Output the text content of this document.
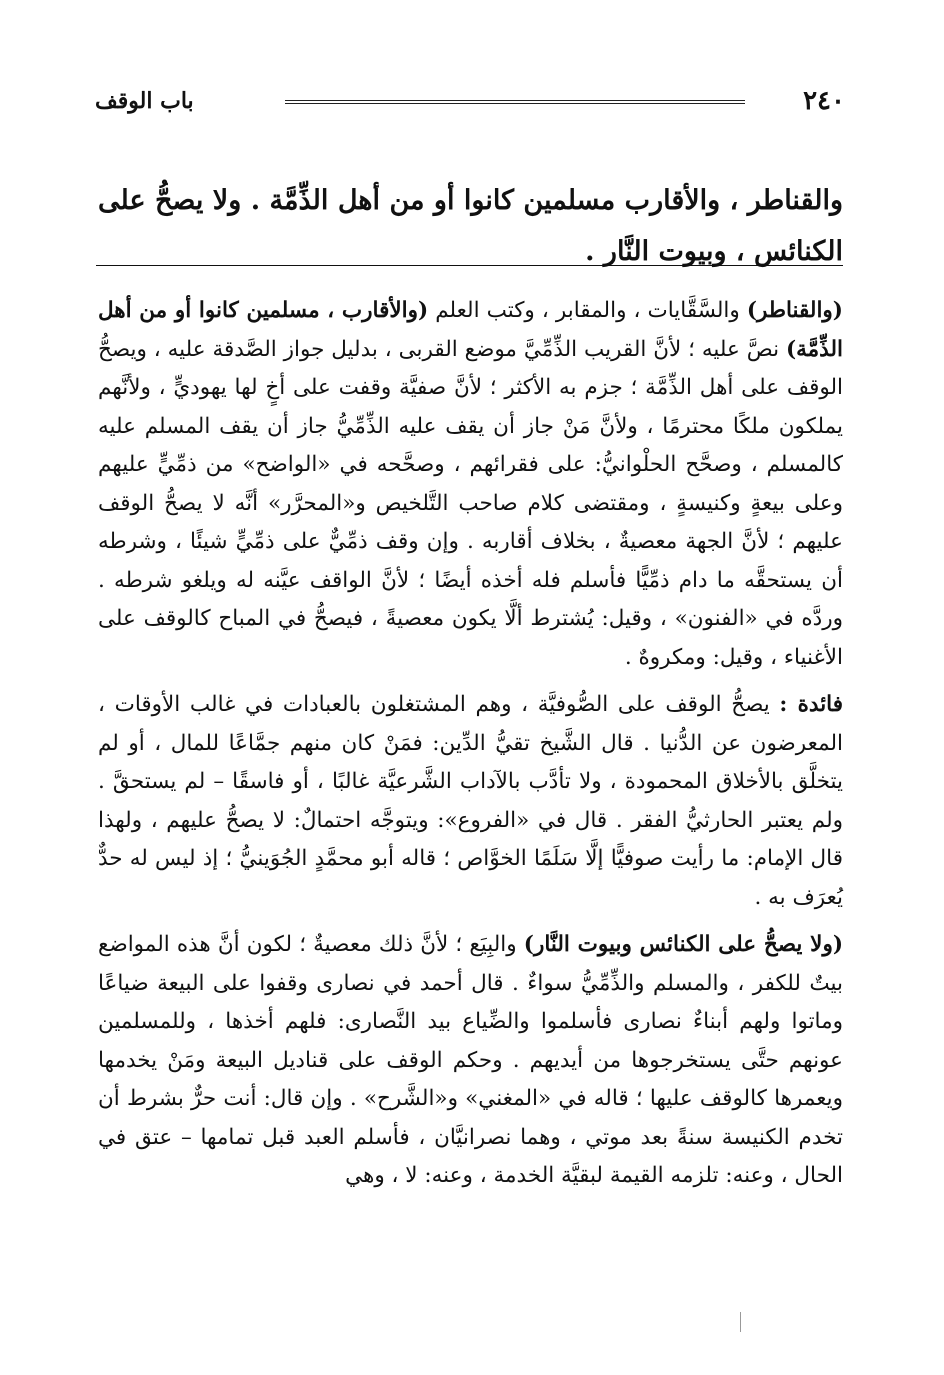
٢٤٠
باب الوقف
والقناطر ، والأقارب مسلمين كانوا أو من أهل الذِّمَّة . ولا يصحُّ على الكنائس ، وبيوت النَّار .

(والقناطر) والسَّقَّايات ، والمقابر ، وكتب العلم (والأقارب ، مسلمين كانوا أو من أهل الذِّمَّة) نصَّ عليه ؛ لأنَّ القريب الذِّمِّيَّ موضع القربى ، بدليل جواز الصَّدقة عليه ، ويصحُّ الوقف على أهل الذِّمَّة ؛ جزم به الأكثر ؛ لأنَّ صفيَّة وقفت على أخٍ لها يهوديٍّ ، ولأنَّهم يملكون ملكًا محترمًا ، ولأنَّ مَنْ جاز أن يقف عليه الذِّمِّيُّ جاز أن يقف المسلم عليه كالمسلم ، وصحَّح الحلْوانيُّ: على فقرائهم ، وصحَّحه في «الواضح» من ذمِّيٍّ عليهم وعلى بيعةٍ وكنيسةٍ ، ومقتضى كلام صاحب التَّلخيص و«المحرَّر» أنَّه لا يصحُّ الوقف عليهم ؛ لأنَّ الجهة معصيةٌ ، بخلاف أقاربه . وإن وقف ذمِّيٌّ على ذمِّيٍّ شيئًا ، وشرطه أن يستحقَّه ما دام ذمِّيًّا فأسلم فله أخذه أيضًا ؛ لأنَّ الواقف عيَّنه له ويلغو شرطه . وردَّه في «الفنون» ، وقيل: يُشترط ألَّا يكون معصيةً ، فيصحُّ في المباح كالوقف على الأغنياء ، وقيل: ومكروهٌ .

فائدة : يصحُّ الوقف على الصُّوفيَّة ، وهم المشتغلون بالعبادات في غالب الأوقات ، المعرضون عن الدُّنيا . قال الشَّيخ تقيُّ الدِّين: فمَنْ كان منهم جمَّاعًا للمال ، أو لم يتخلَّق بالأخلاق المحمودة ، ولا تأدَّب بالآداب الشَّرعيَّة غالبًا ، أو فاسقًا – لم يستحقَّ . ولم يعتبر الحارثيُّ الفقر . قال في «الفروع»: ويتوجَّه احتمالٌ: لا يصحُّ عليهم ، ولهذا قال الإمام: ما رأيت صوفيًّا إلَّا سَلَمًا الخوَّاص ؛ قاله أبو محمَّدٍ الجُوَينيُّ ؛ إذ ليس له حدٌّ يُعرَف به .

(ولا يصحُّ على الكنائس وبيوت النَّار) والبِيَع ؛ لأنَّ ذلك معصيةٌ ؛ لكون أنَّ هذه المواضع بيتٌ للكفر ، والمسلم والذِّمِّيُّ سواءٌ . قال أحمد في نصارى وقفوا على البيعة ضياعًا وماتوا ولهم أبناءٌ نصارى فأسلموا والضِّياع بيد النَّصارى: فلهم أخذها ، وللمسلمين عونهم حتَّى يستخرجوها من أيديهم . وحكم الوقف على قناديل البيعة ومَنْ يخدمها ويعمرها كالوقف عليها ؛ قاله في «المغني» و«الشَّرح» . وإن قال: أنت حرٌّ بشرط أن تخدم الكنيسة سنةً بعد موتي ، وهما نصرانيَّان ، فأسلم العبد قبل تمامها – عتق في الحال ، وعنه: تلزمه القيمة لبقيَّة الخدمة ، وعنه: لا ، وهي
